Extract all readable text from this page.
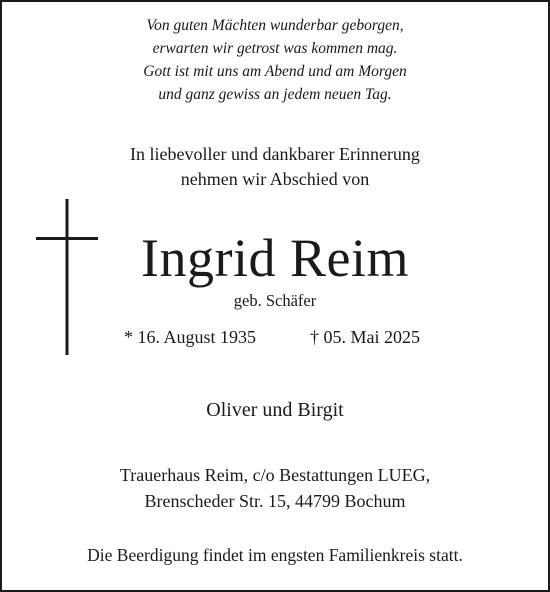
Von guten Mächten wunderbar geborgen,
erwarten wir getrost was kommen mag.
Gott ist mit uns am Abend und am Morgen
und ganz gewiss an jedem neuen Tag.
In liebevoller und dankbarer Erinnerung
nehmen wir Abschied von
Ingrid Reim
geb. Schäfer
* 16. August 1935	† 05. Mai 2025
Oliver und Birgit
Trauerhaus Reim, c/o Bestattungen LUEG,
Brenscheder Str. 15, 44799 Bochum
Die Beerdigung findet im engsten Familienkreis statt.
